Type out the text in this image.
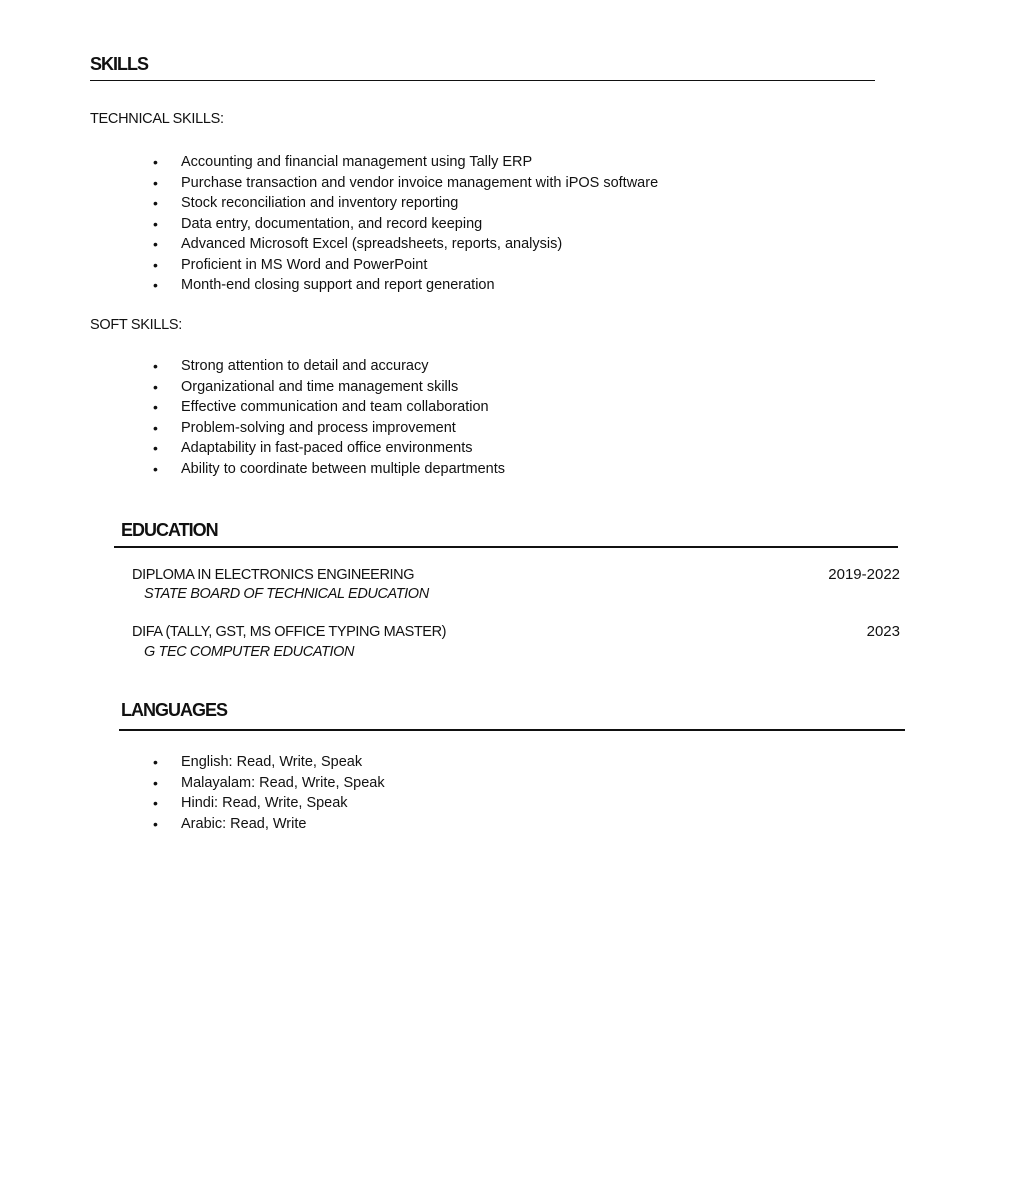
SKILLS
TECHNICAL SKILLS:
• Accounting and financial management using Tally ERP
• Purchase transaction and vendor invoice management with iPOS software
• Stock reconciliation and inventory reporting
• Data entry, documentation, and record keeping
• Advanced Microsoft Excel (spreadsheets, reports, analysis)
• Proficient in MS Word and PowerPoint
• Month-end closing support and report generation
SOFT SKILLS:
• Strong attention to detail and accuracy
• Organizational and time management skills
• Effective communication and team collaboration
• Problem-solving and process improvement
• Adaptability in fast-paced office environments
• Ability to coordinate between multiple departments
EDUCATION
DIPLOMA IN ELECTRONICS ENGINEERING	2019-2022
STATE BOARD OF TECHNICAL EDUCATION
DIFA (TALLY, GST, MS OFFICE TYPING MASTER)	2023
G TEC COMPUTER EDUCATION
LANGUAGES
• English: Read, Write, Speak
• Malayalam: Read, Write, Speak
• Hindi: Read, Write, Speak
• Arabic: Read, Write
